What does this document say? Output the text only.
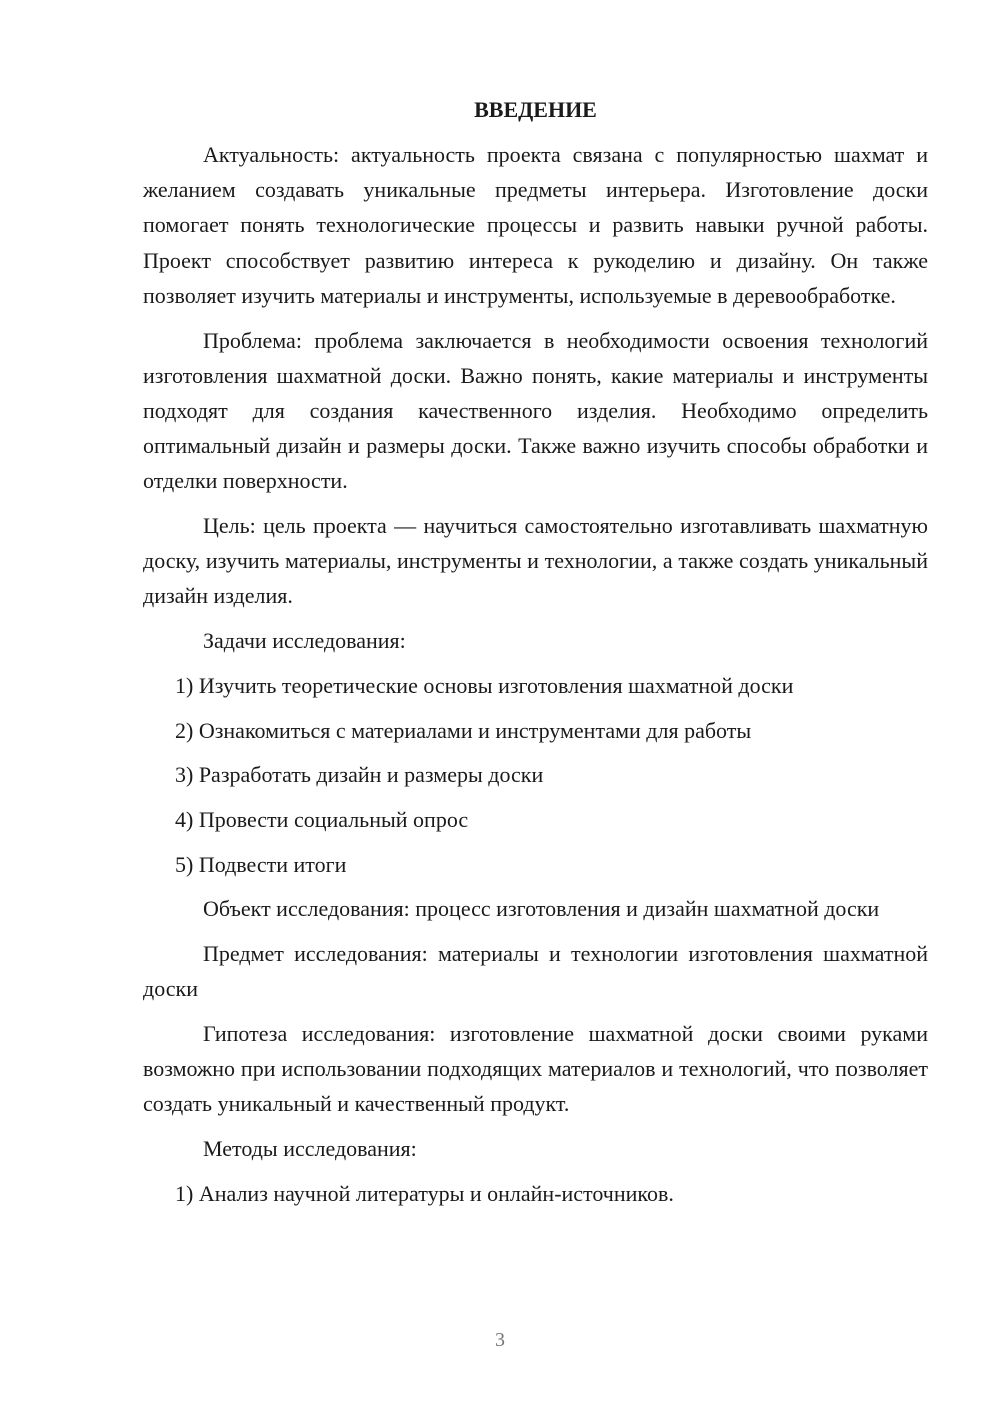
ВВЕДЕНИЕ

Актуальность: актуальность проекта связана с популярностью шахмат и желанием создавать уникальные предметы интерьера. Изготовление доски помогает понять технологические процессы и развить навыки ручной работы. Проект способствует развитию интереса к рукоделию и дизайну. Он также позволяет изучить материалы и инструменты, используемые в деревообработке.

Проблема: проблема заключается в необходимости освоения технологий изготовления шахматной доски. Важно понять, какие материалы и инструменты подходят для создания качественного изделия. Необходимо определить оптимальный дизайн и размеры доски. Также важно изучить способы обработки и отделки поверхности.

Цель: цель проекта — научиться самостоятельно изготавливать шахматную доску, изучить материалы, инструменты и технологии, а также создать уникальный дизайн изделия.

Задачи исследования:
1) Изучить теоретические основы изготовления шахматной доски
2) Ознакомиться с материалами и инструментами для работы
3) Разработать дизайн и размеры доски
4) Провести социальный опрос
5) Подвести итоги

Объект исследования: процесс изготовления и дизайн шахматной доски

Предмет исследования: материалы и технологии изготовления шахматной доски

Гипотеза исследования: изготовление шахматной доски своими руками возможно при использовании подходящих материалов и технологий, что позволяет создать уникальный и качественный продукт.

Методы исследования:
1) Анализ научной литературы и онлайн-источников.
3
